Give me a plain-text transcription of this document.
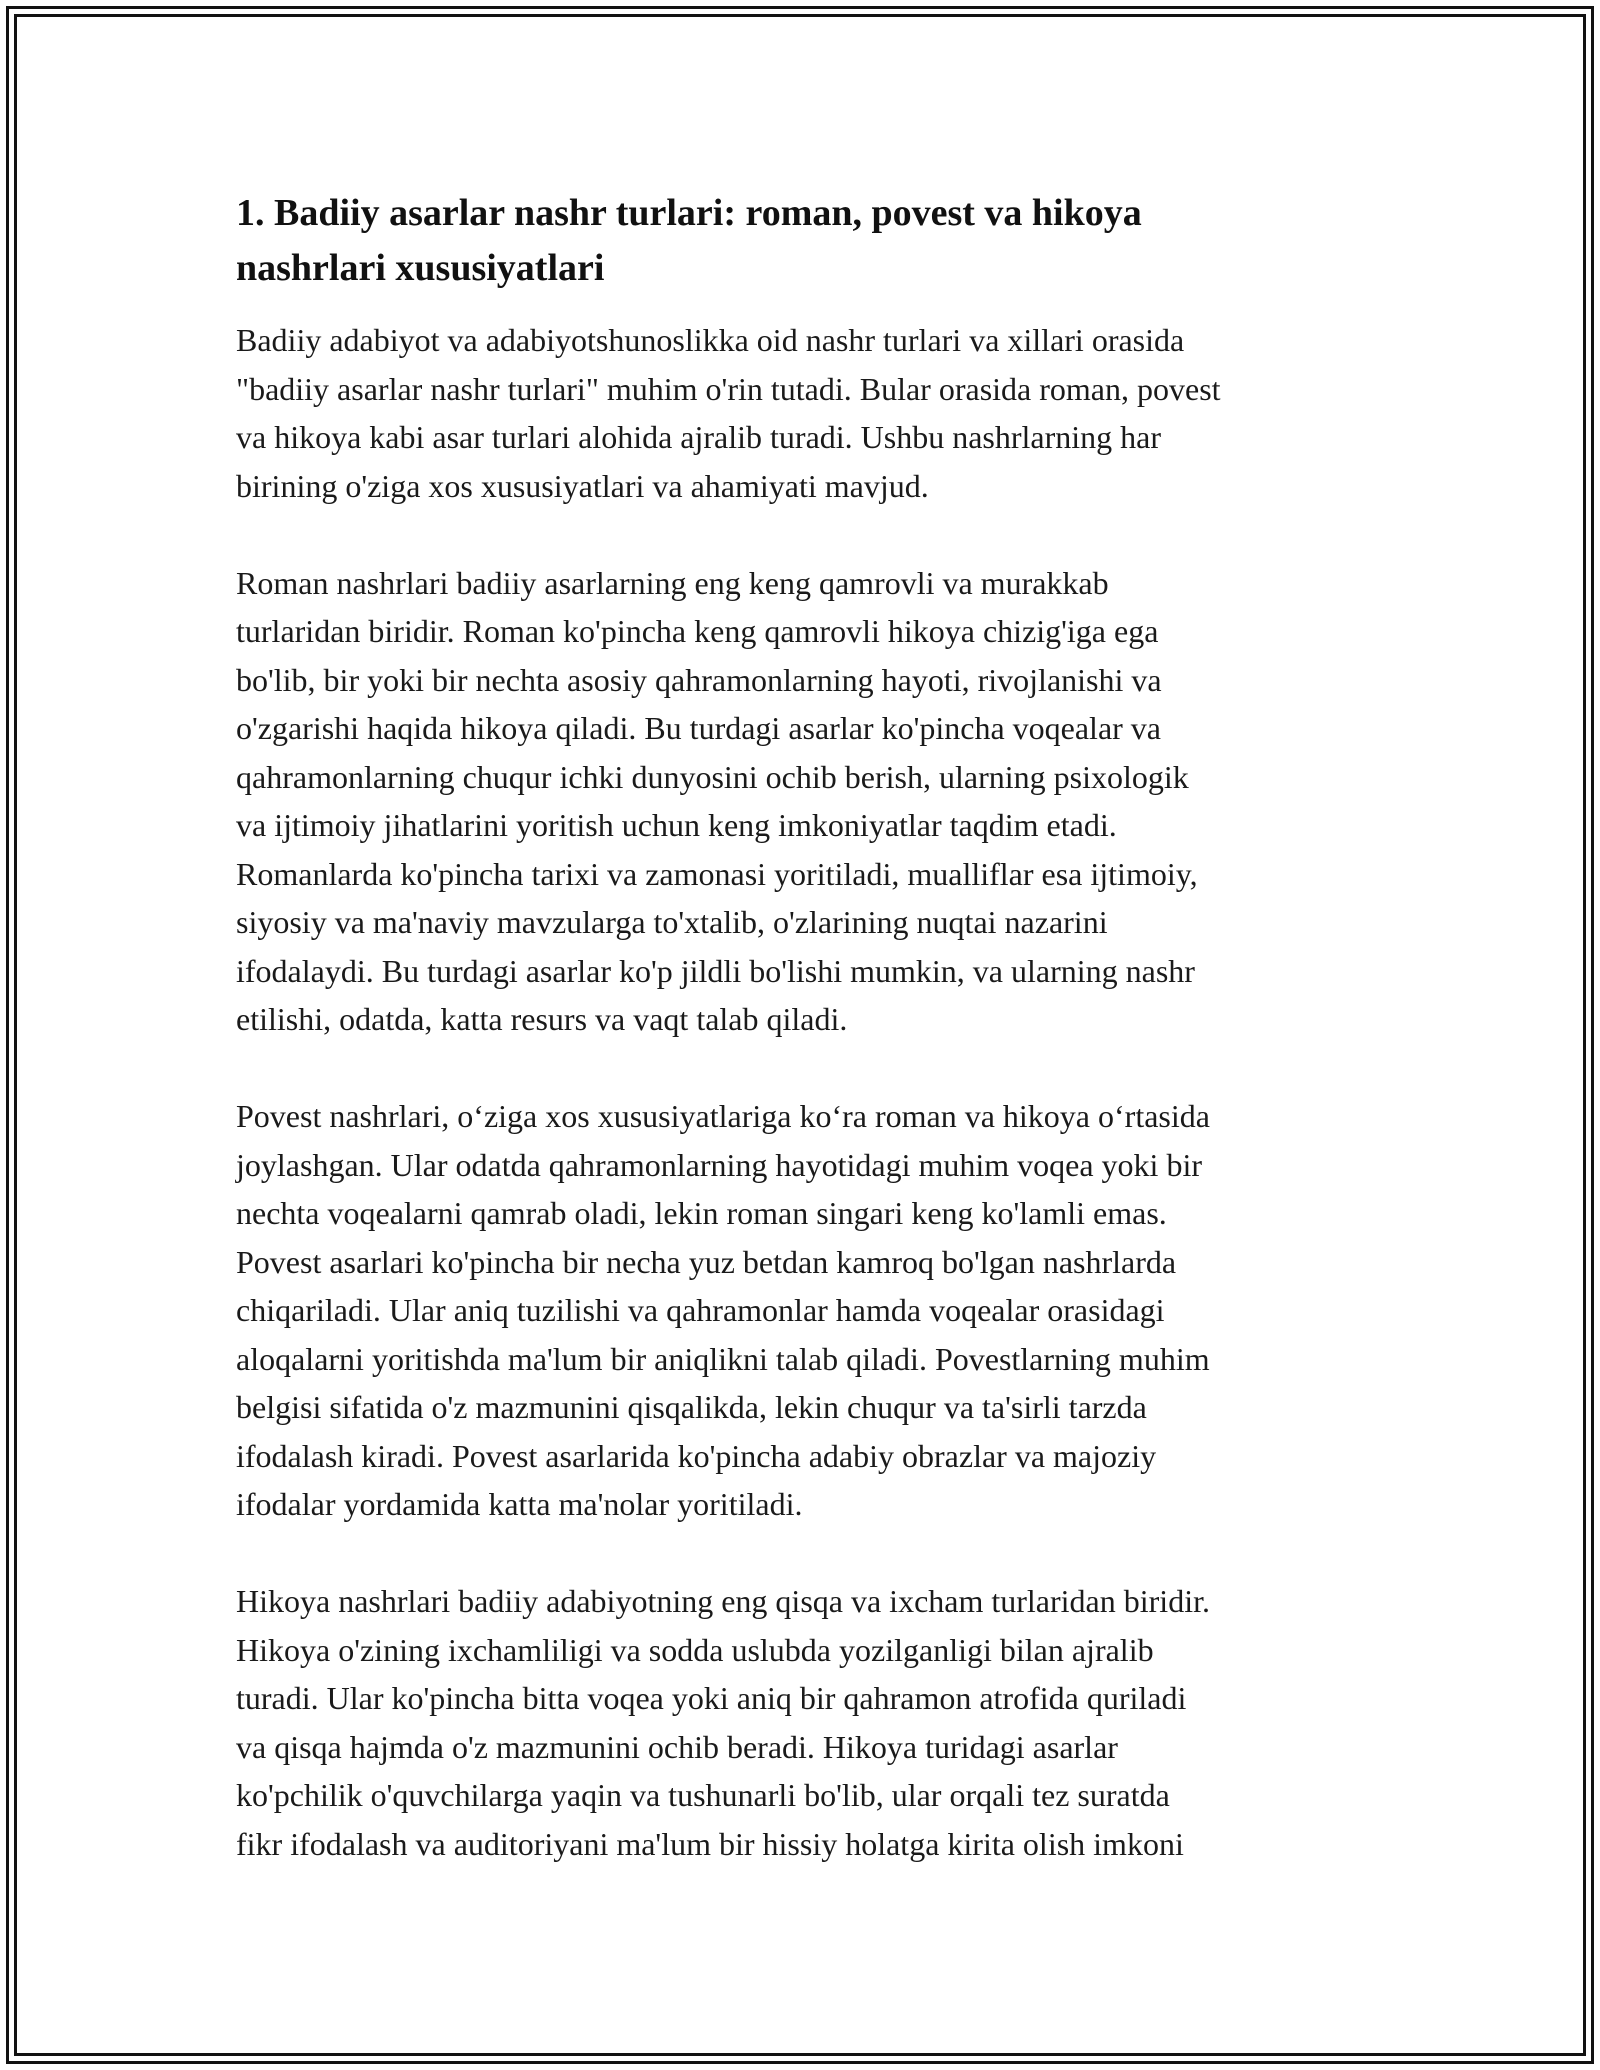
1. Badiiy asarlar nashr turlari: roman, povest va hikoya
nashrlari xususiyatlari

Badiiy adabiyot va adabiyotshunoslikka oid nashr turlari va xillari orasida
"badiiy asarlar nashr turlari" muhim o'rin tutadi. Bular orasida roman, povest
va hikoya kabi asar turlari alohida ajralib turadi. Ushbu nashrlarning har
birining o'ziga xos xususiyatlari va ahamiyati mavjud.

Roman nashrlari badiiy asarlarning eng keng qamrovli va murakkab
turlaridan biridir. Roman ko'pincha keng qamrovli hikoya chizig'iga ega
bo'lib, bir yoki bir nechta asosiy qahramonlarning hayoti, rivojlanishi va
o'zgarishi haqida hikoya qiladi. Bu turdagi asarlar ko'pincha voqealar va
qahramonlarning chuqur ichki dunyosini ochib berish, ularning psixologik
va ijtimoiy jihatlarini yoritish uchun keng imkoniyatlar taqdim etadi.
Romanlarda ko'pincha tarixi va zamonasi yoritiladi, mualliflar esa ijtimoiy,
siyosiy va ma'naviy mavzularga to'xtalib, o'zlarining nuqtai nazarini
ifodalaydi. Bu turdagi asarlar ko'p jildli bo'lishi mumkin, va ularning nashr
etilishi, odatda, katta resurs va vaqt talab qiladi.

Povest nashrlari, o‘ziga xos xususiyatlariga ko‘ra roman va hikoya o‘rtasida
joylashgan. Ular odatda qahramonlarning hayotidagi muhim voqea yoki bir
nechta voqealarni qamrab oladi, lekin roman singari keng ko'lamli emas.
Povest asarlari ko'pincha bir necha yuz betdan kamroq bo'lgan nashrlarda
chiqariladi. Ular aniq tuzilishi va qahramonlar hamda voqealar orasidagi
aloqalarni yoritishda ma'lum bir aniqlikni talab qiladi. Povestlarning muhim
belgisi sifatida o'z mazmunini qisqalikda, lekin chuqur va ta'sirli tarzda
ifodalash kiradi. Povest asarlarida ko'pincha adabiy obrazlar va majoziy
ifodalar yordamida katta ma'nolar yoritiladi.

Hikoya nashrlari badiiy adabiyotning eng qisqa va ixcham turlaridan biridir.
Hikoya o'zining ixchamliligi va sodda uslubda yozilganligi bilan ajralib
turadi. Ular ko'pincha bitta voqea yoki aniq bir qahramon atrofida quriladi
va qisqa hajmda o'z mazmunini ochib beradi. Hikoya turidagi asarlar
ko'pchilik o'quvchilarga yaqin va tushunarli bo'lib, ular orqali tez suratda
fikr ifodalash va auditoriyani ma'lum bir hissiy holatga kirita olish imkoni
